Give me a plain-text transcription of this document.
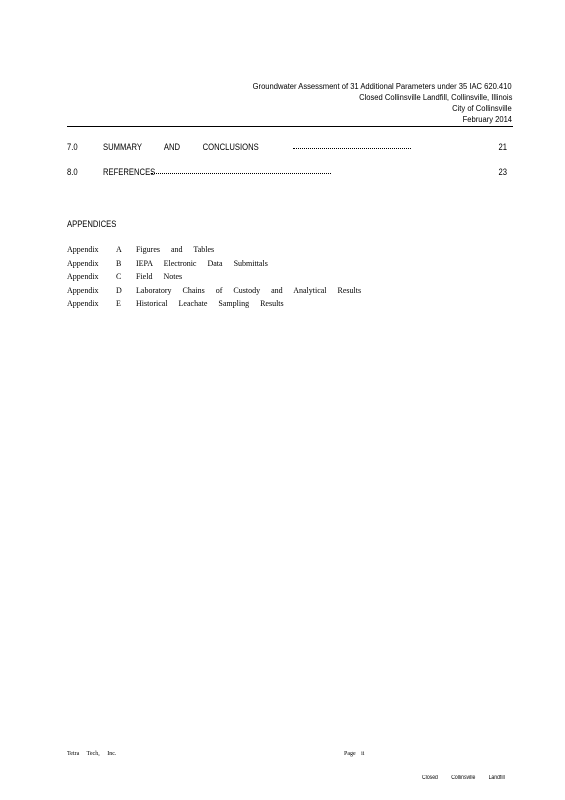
Groundwater Assessment of 31 Additional Parameters under 35 IAC 620.410
Closed Collinsville Landfill, Collinsville, Illinois
City of Collinsville
February 2014
7.0	SUMMARY AND CONCLUSIONS	21
8.0	REFERENCES	23
APPENDICES
Appendix A Figures and Tables
Appendix B IEPA Electronic Data Submittals
Appendix C Field Notes
Appendix D Laboratory Chains of Custody and Analytical Results
Appendix E Historical Leachate Sampling Results
Tetra Tech, Inc.	Page ii
Closed Collinsville Landfill
